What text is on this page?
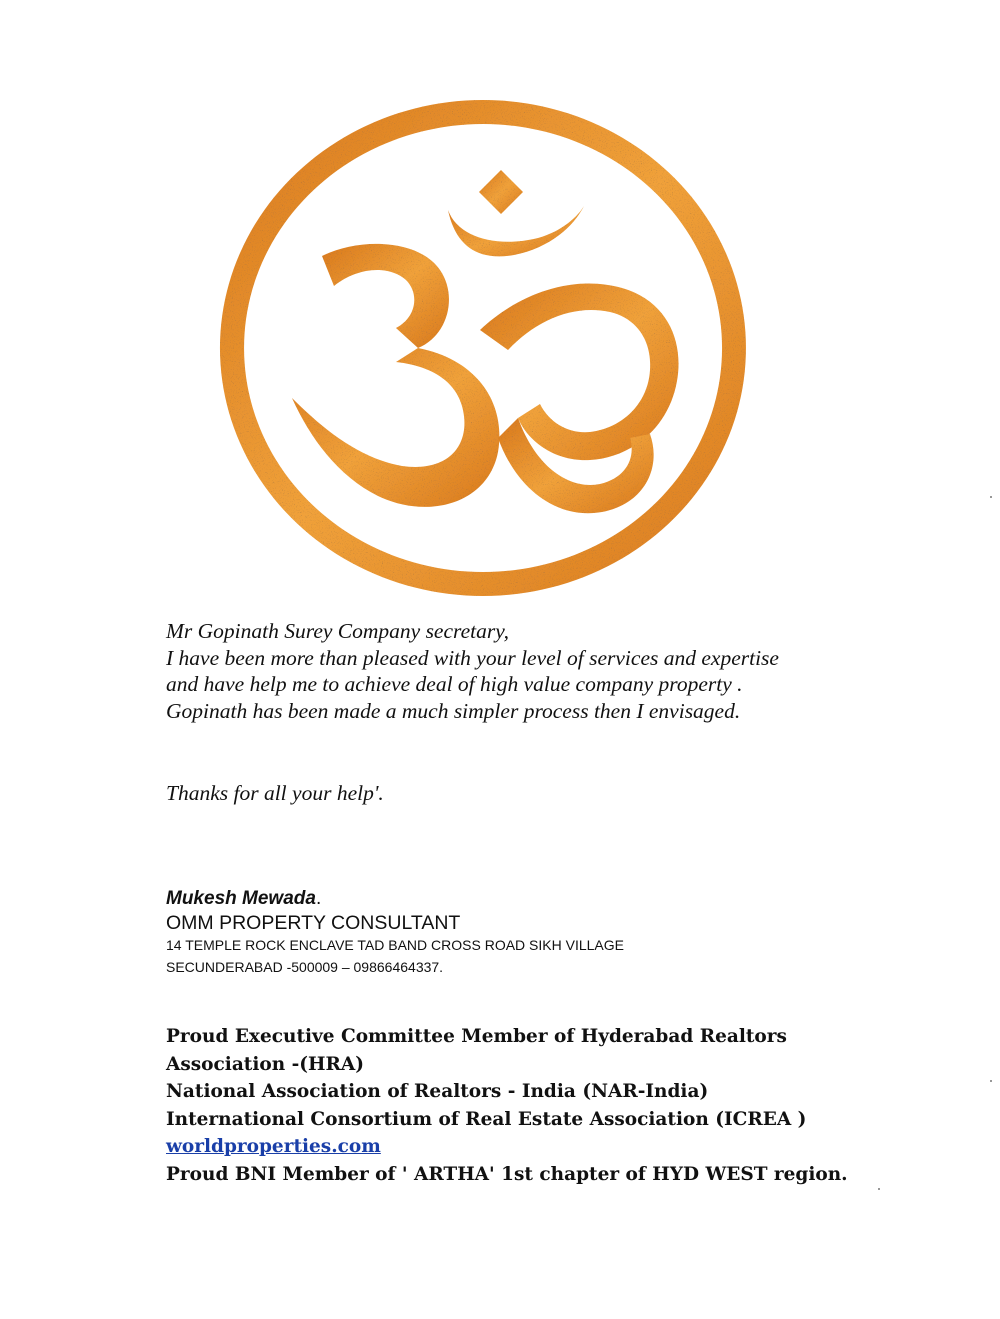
Mr Gopinath Surey Company secretary,
I have been more than pleased with your level of services and expertise
and have help me to achieve deal of high value company property .
Gopinath has been made a much simpler process then I envisaged.
Thanks for all your help'.
Mukesh Mewada.
OMM PROPERTY CONSULTANT
14 TEMPLE ROCK ENCLAVE TAD BAND CROSS ROAD SIKH VILLAGE
SECUNDERABAD -500009 – 09866464337.
Proud Executive Committee Member of Hyderabad Realtors
Association -(HRA)
National Association of Realtors - India (NAR-India)
International Consortium of Real Estate Association (ICREA )
worldproperties.com
Proud BNI Member of ' ARTHA' 1st chapter of HYD WEST region.
